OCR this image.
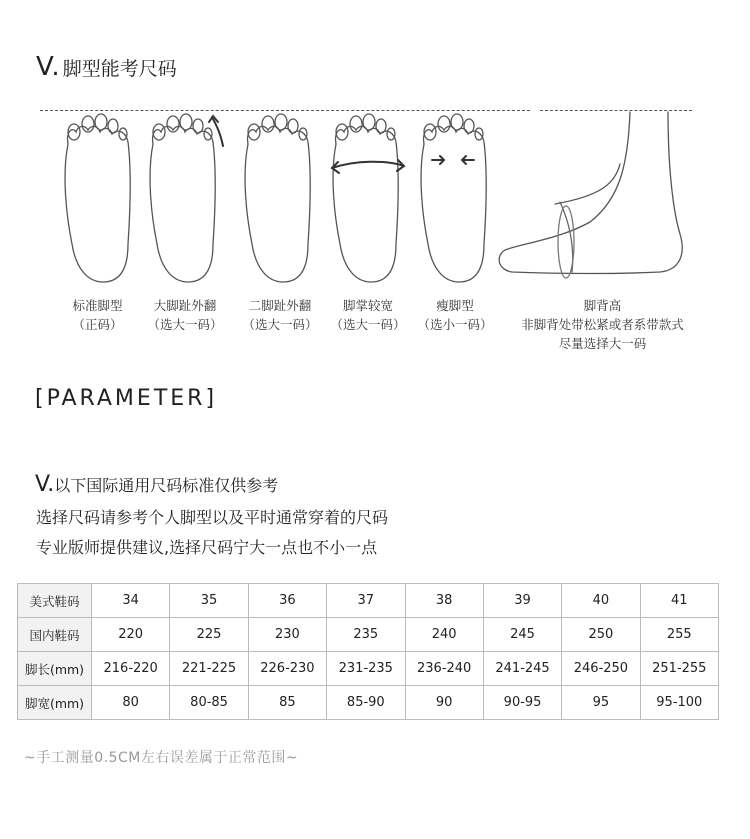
V. 脚型能考尺码
标准脚型
（正码）
大脚趾外翻
（选大一码）
二脚趾外翻
（选大一码）
脚掌较宽
（选大一码）
瘦脚型
（选小一码）
脚背高
非脚背处带松紧或者系带款式
尽量选择大一码
[PARAMETER]
V.以下国际通用尺码标准仅供参考
选择尺码请参考个人脚型以及平时通常穿着的尺码
专业版师提供建议,选择尺码宁大一点也不小一点
美式鞋码	34	35	36	37	38	39	40	41
国内鞋码	220	225	230	235	240	245	250	255
脚长(mm)	216-220	221-225	226-230	231-235	236-240	241-245	246-250	251-255
脚宽(mm)	80	80-85	85	85-90	90	90-95	95	95-100
~手工测量0.5CM左右误差属于正常范围~
